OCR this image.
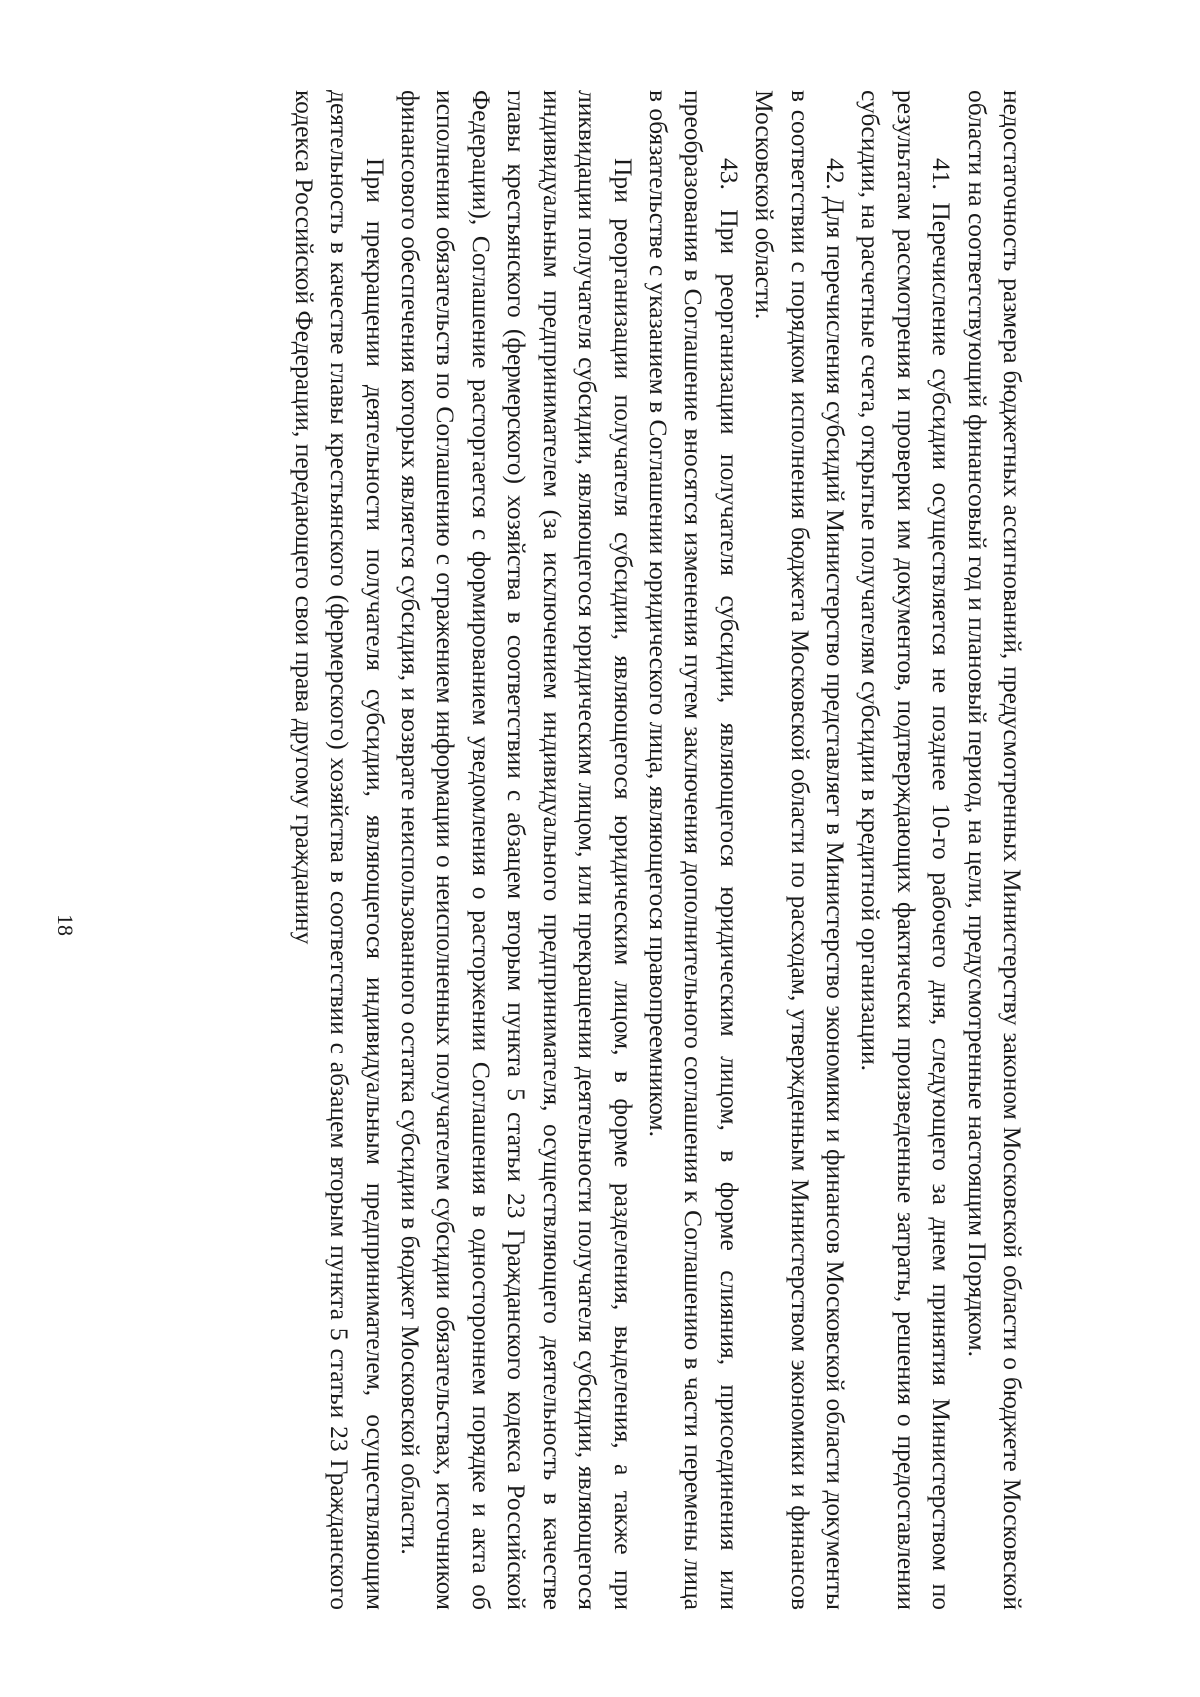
18	недостаточность размера бюджетных ассигнований, предусмотренных Министерству законом Московской области о бюджете Московской области на соответствующий финансовый год и плановый период, на цели, предусмотренные настоящим Порядком.

41. Перечисление субсидии осуществляется не позднее 10-го рабочего дня, следующего за днем принятия Министерством по результатам рассмотрения и проверки им документов, подтверждающих фактически произведенные затраты, решения о предоставлении субсидии, на расчетные счета, открытые получателям субсидии в кредитной организации.

42. Для перечисления субсидий Министерство представляет в Министерство экономики и финансов Московской области документы в соответствии с порядком исполнения бюджета Московской области по расходам, утвержденным Министерством экономики и финансов Московской области.

43. При реорганизации получателя субсидии, являющегося юридическим лицом, в форме слияния, присоединения или преобразования в Соглашение вносятся изменения путем заключения дополнительного соглашения к Соглашению в части перемены лица в обязательстве с указанием в Соглашении юридического лица, являющегося правопреемником.

При реорганизации получателя субсидии, являющегося юридическим лицом, в форме разделения, выделения, а также при ликвидации получателя субсидии, являющегося юридическим лицом, или прекращении деятельности получателя субсидии, являющегося индивидуальным предпринимателем (за исключением индивидуального предпринимателя, осуществляющего деятельность в качестве главы крестьянского (фермерского) хозяйства в соответствии с абзацем вторым пункта 5 статьи 23 Гражданского кодекса Российской Федерации), Соглашение расторгается с формированием уведомления о расторжении Соглашения в одностороннем порядке и акта об исполнении обязательств по Соглашению с отражением информации о неисполненных получателем субсидии обязательствах, источником финансового обеспечения которых является субсидия, и возврате неиспользованного остатка субсидии в бюджет Московской области.

При прекращении деятельности получателя субсидии, являющегося индивидуальным предпринимателем, осуществляющим деятельность в качестве главы крестьянского (фермерского) хозяйства в соответствии с абзацем вторым пункта 5 статьи 23 Гражданского кодекса Российской Федерации, передающего свои права другому гражданину
